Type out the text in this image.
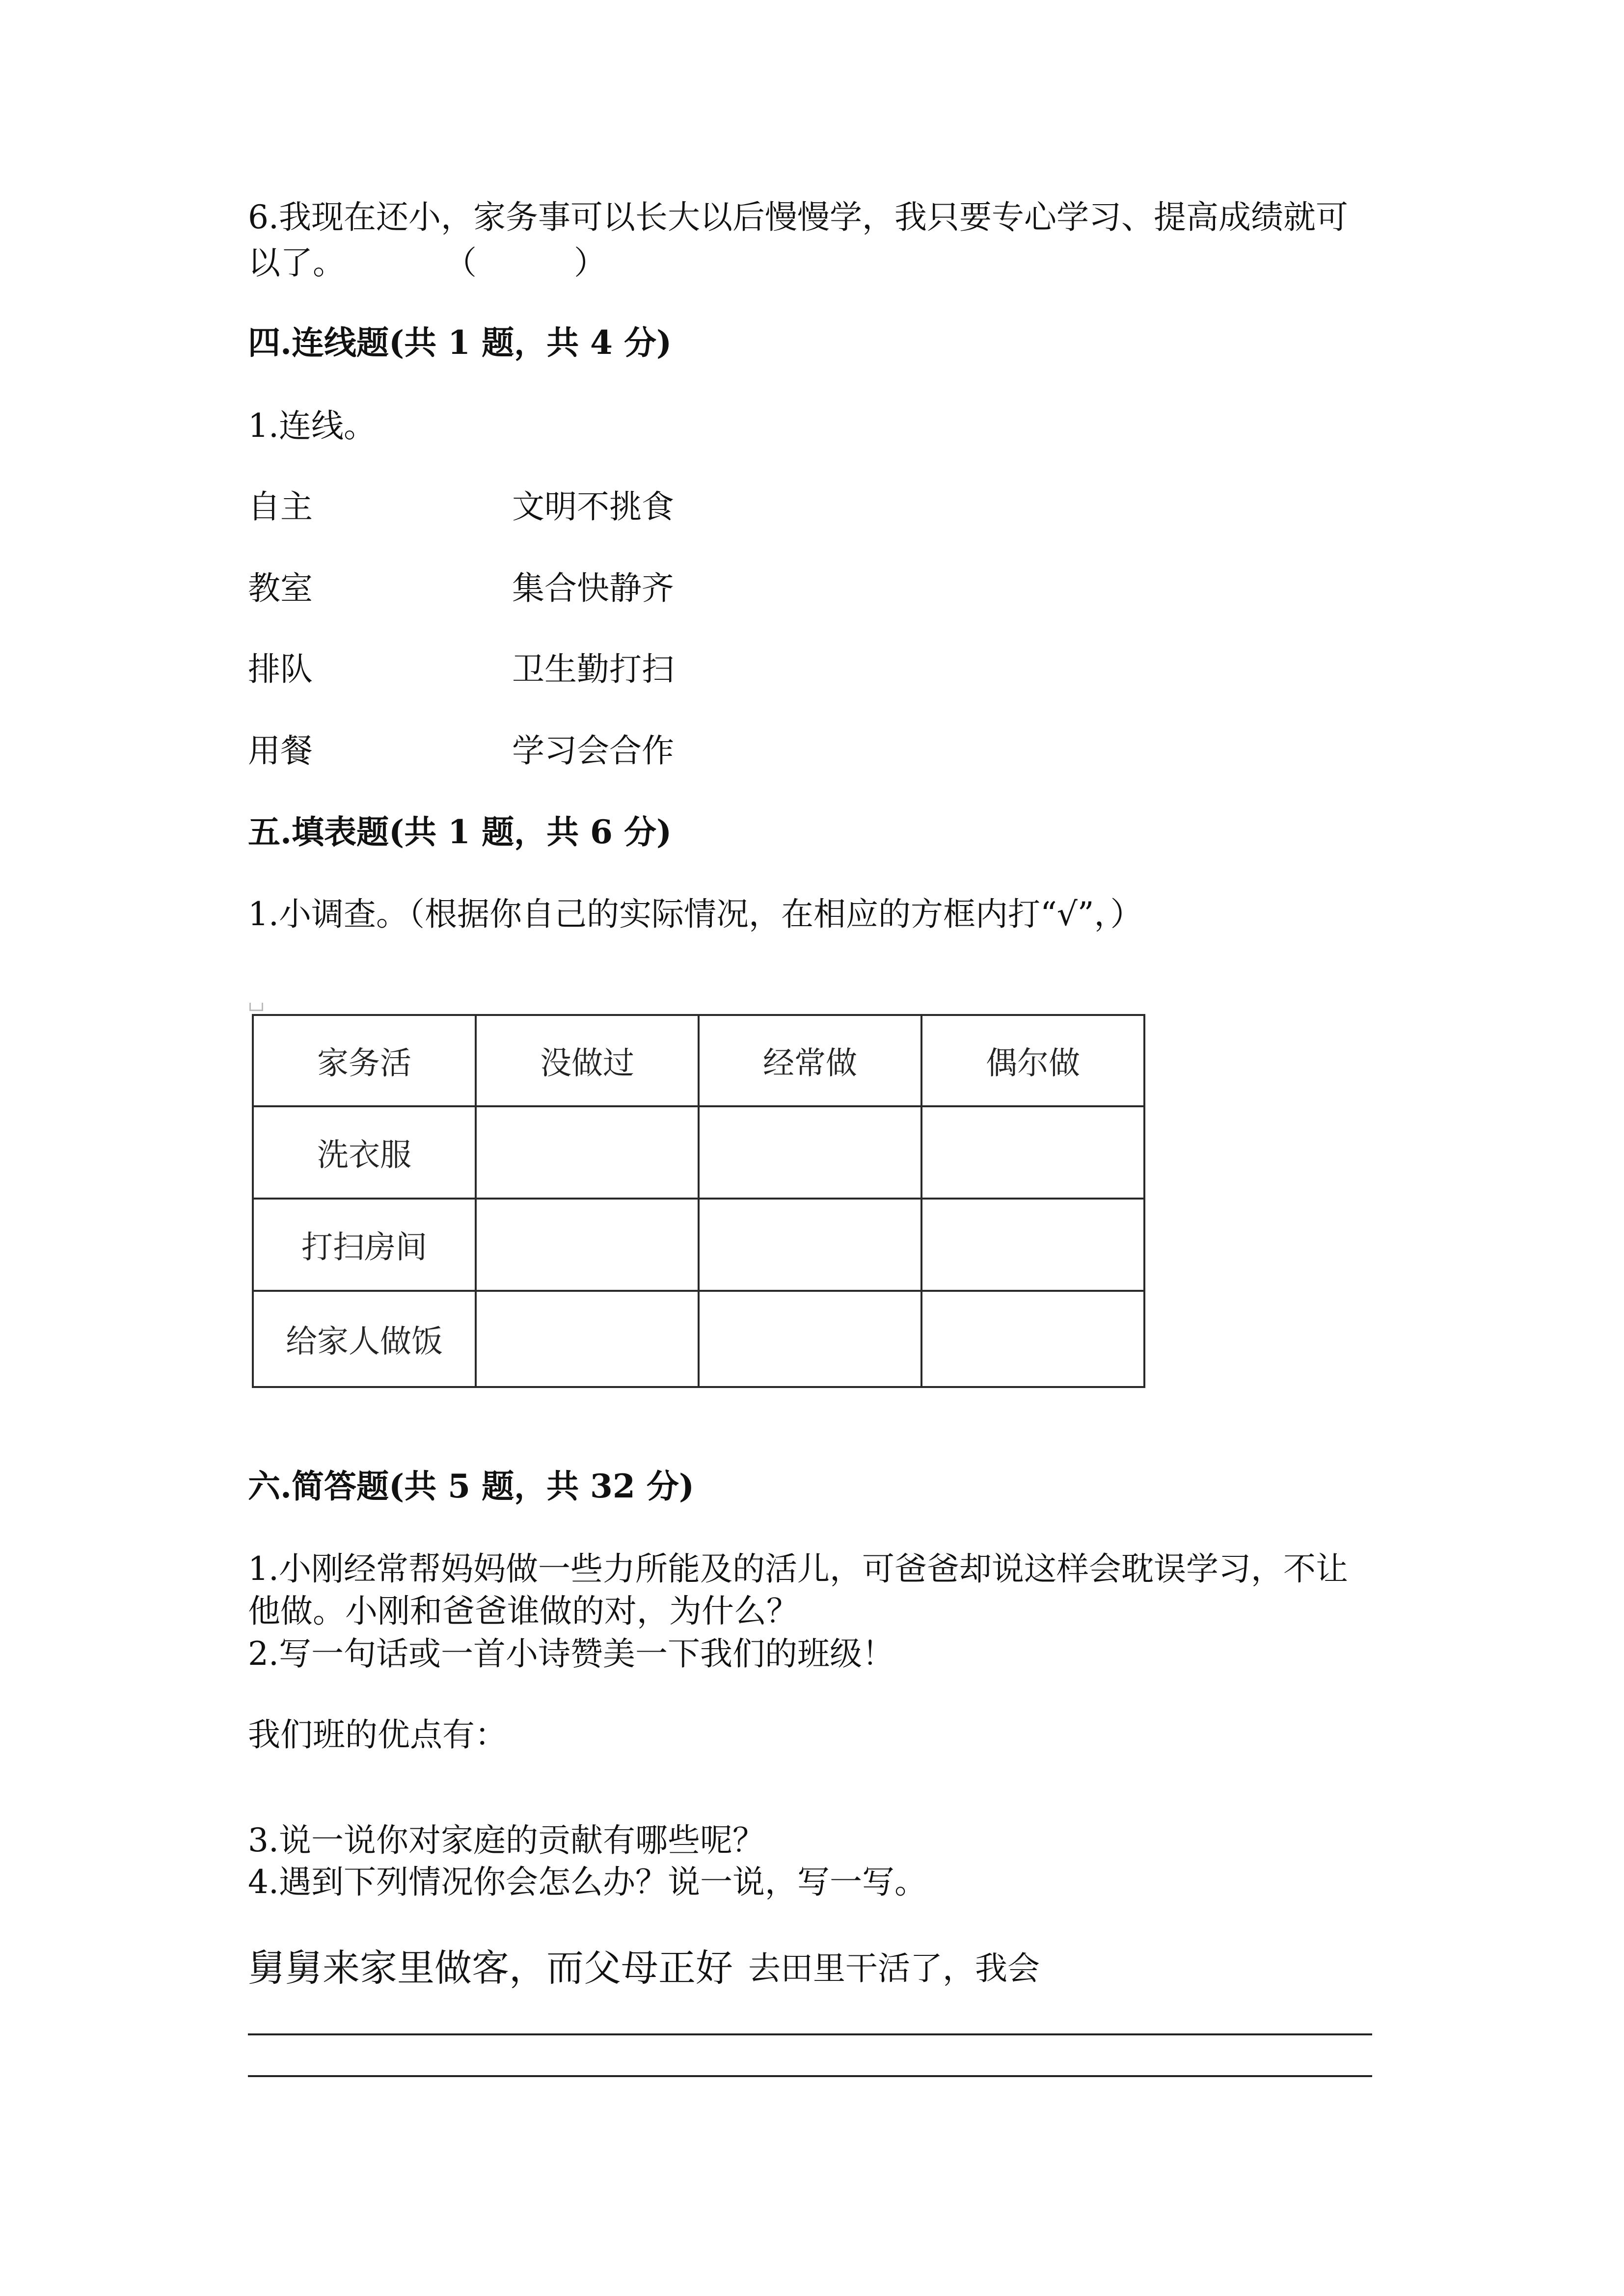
6.我现在还小，家务事可以长大以后慢慢学，我只要专心学习、提高成绩就可
以了。	（　　　）
四.连线题(共 1 题，共 4 分)
1.连线。
自主	文明不挑食
教室	集合快静齐
排队	卫生勤打扫
用餐	学习会合作
五.填表题(共 1 题，共 6 分)
1.小调查。（根据你自己的实际情况，在相应的方框内打“√”，）
家务活	没做过	经常做	偶尔做
洗衣服			
打扫房间			
给家人做饭			
六.简答题(共 5 题，共 32 分)
1.小刚经常帮妈妈做一些力所能及的活儿，可爸爸却说这样会耽误学习，不让
他做。小刚和爸爸谁做的对，为什么？
2.写一句话或一首小诗赞美一下我们的班级！
我们班的优点有：
3.说一说你对家庭的贡献有哪些呢？
4.遇到下列情况你会怎么办？说一说，写一写。
舅舅来家里做客，而父母正好 去田里干活了，我会
